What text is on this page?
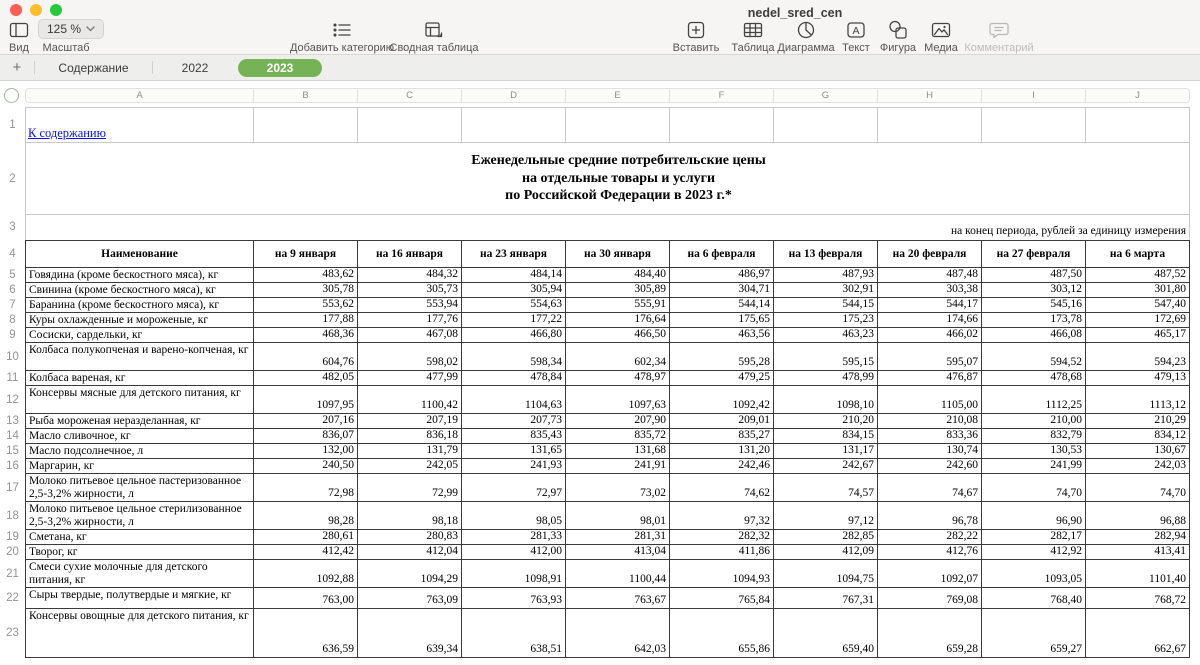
nedel_sred_cen
Вид
125 %
Масштаб	Добавить категорию
Сводная таблица	Вставить	Таблица Диаграмма
A
Текст Фигура Медиа Комментарий
+	Содержание	2022	2023
A	B	C	D	E	F	G	H	I	J
1	К содержанию									
2	Еженедельные средние потребительские цены
на отдельные товары и услуги
по Российской Федерации в 2023 г.*									

3	на конец периода, рублей за единицу измерения									
4	Наименование	на 9 января	на 16 января	на 23 января	на 30 января	на 6 февраля	на 13 февраля	на 20 февраля	на 27 февраля	на 6 марта
5	Говядина (кроме бескостного мяса), кг	483,62	484,32	484,14	484,40	486,97	487,93	487,48	487,50	487,52
6	Свинина (кроме бескостного мяса), кг	305,78	305,73	305,94	305,89	304,71	302,91	303,38	303,12	301,80
7	Баранина (кроме бескостного мяса), кг	553,62	553,94	554,63	555,91	544,14	544,15	544,17	545,16	547,40
8	Куры охлажденные и мороженые, кг	177,88	177,76	177,22	176,64	175,65	175,23	174,66	173,78	172,69
9	Сосиски, сардельки, кг	468,36	467,08	466,80	466,50	463,56	463,23	466,02	466,08	465,17
10	Колбаса полукопченая и варено-копченая, кг	604,76	598,02	598,34	602,34	595,28	595,15	595,07	594,52	594,23
11	Колбаса вареная, кг	482,05	477,99	478,84	478,97	479,25	478,99	476,87	478,68	479,13
12	Консервы мясные для детского питания, кг	1097,95	1100,42	1104,63	1097,63	1092,42	1098,10	1105,00	1112,25	1113,12
13	Рыба мороженая неразделанная, кг	207,16	207,19	207,73	207,90	209,01	210,20	210,08	210,00	210,29
14	Масло сливочное, кг	836,07	836,18	835,43	835,72	835,27	834,15	833,36	832,79	834,12
15	Масло подсолнечное, л	132,00	131,79	131,65	131,68	131,20	131,17	130,74	130,53	130,67
16	Маргарин, кг	240,50	242,05	241,93	241,91	242,46	242,67	242,60	241,99	242,03
17	Молоко питьевое цельное пастеризованное 2,5-3,2% жирности, л	72,98	72,99	72,97	73,02	74,62	74,57	74,67	74,70	74,70
18	Молоко питьевое цельное стерилизованное 2,5-3,2% жирности, л	98,28	98,18	98,05	98,01	97,32	97,12	96,78	96,90	96,88
19	Сметана, кг	280,61	280,83	281,33	281,31	282,32	282,85	282,22	282,17	282,94
20	Творог, кг	412,42	412,04	412,00	413,04	411,86	412,09	412,76	412,92	413,41
21	Смеси сухие молочные для детского питания, кг	1092,88	1094,29	1098,91	1100,44	1094,93	1094,75	1092,07	1093,05	1101,40
22	Сыры твердые, полутвердые и мягкие, кг	763,00	763,09	763,93	763,67	765,84	767,31	769,08	768,40	768,72
23	Консервы овощные для детского питания, кг	636,59	639,34	638,51	642,03	655,86	659,40	659,28	659,27	662,67
